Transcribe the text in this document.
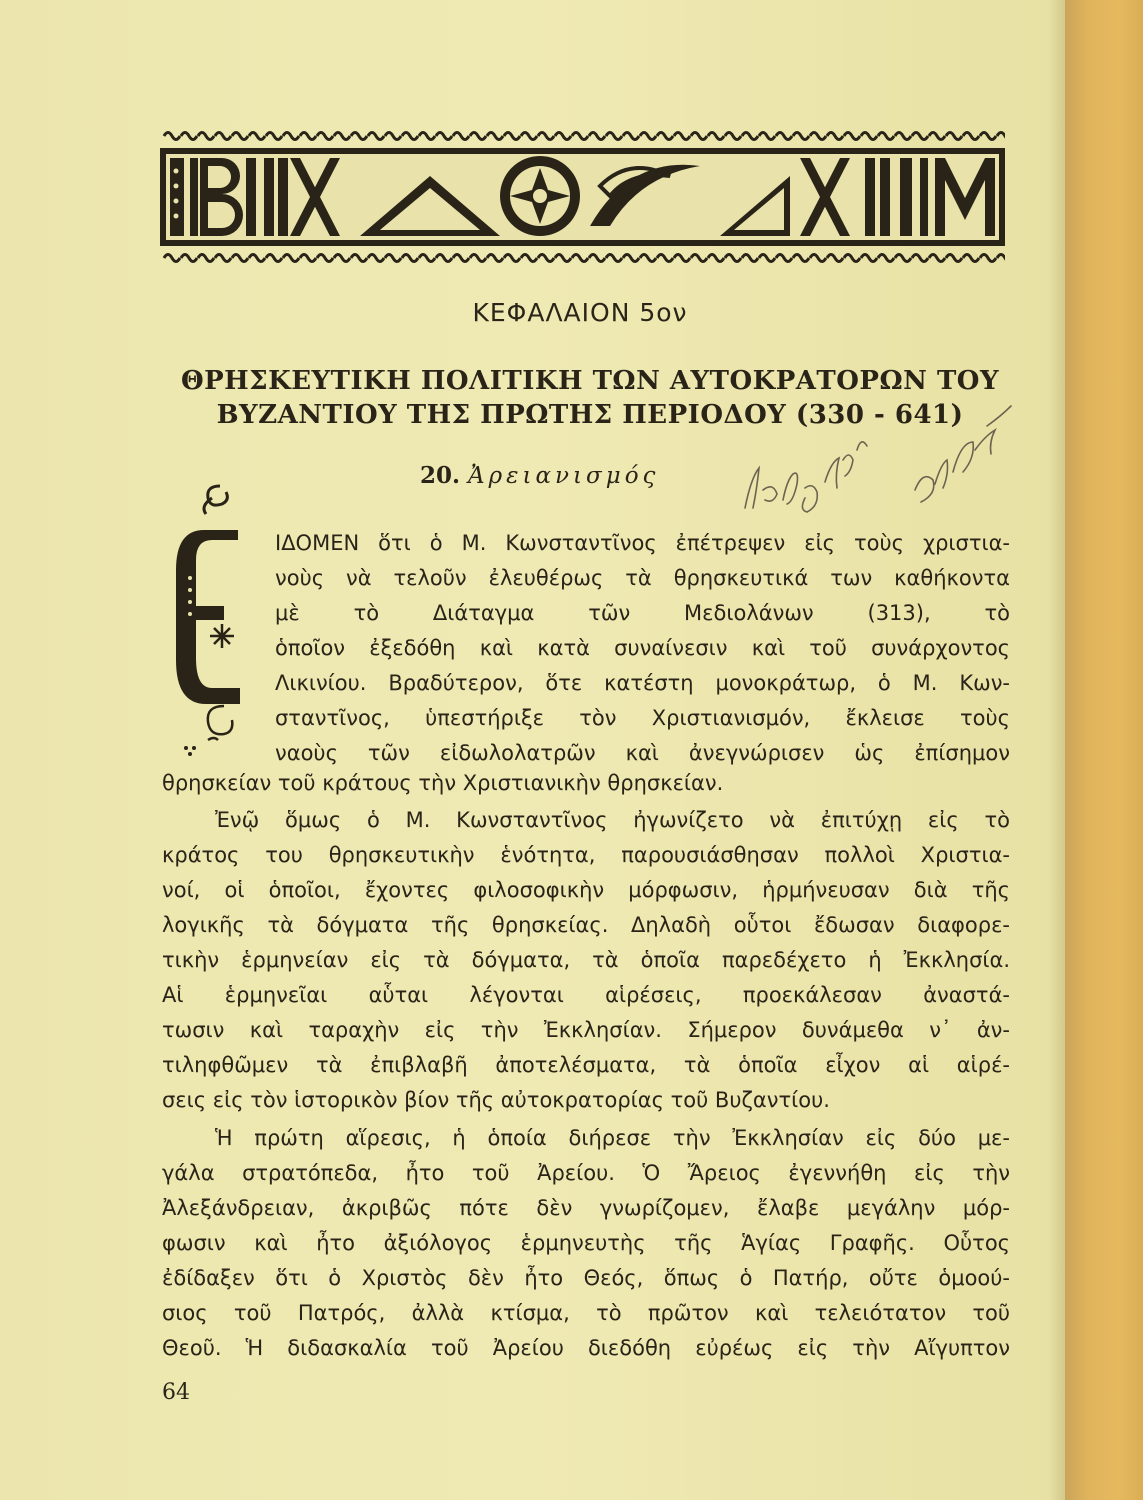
ΚΕΦΑΛΑΙΟΝ 5ον
ΘΡΗΣΚΕΥΤΙΚΗ ΠΟΛΙΤΙΚΗ ΤΩΝ ΑΥΤΟΚΡΑΤΟΡΩΝ ΤΟΥ
ΒΥΖΑΝΤΙΟΥ ΤΗΣ ΠΡΩΤΗΣ ΠΕΡΙΟΔΟΥ (330 - 641)
20. Ἀρειανισμός
ΙΔΟΜΕΝ ὅτι ὁ Μ. Κωνσταντῖνος ἐπέτρεψεν εἰς τοὺς χριστια-
νοὺς νὰ τελοῦν ἐλευθέρως τὰ θρησκευτικά των καθήκοντα
μὲ τὸ Διάταγμα τῶν Μεδιολάνων (313), τὸ
ὁποῖον ἐξεδόθη καὶ κατὰ συναίνεσιν καὶ τοῦ συνάρχοντος
Λικινίου. Βραδύτερον, ὅτε κατέστη μονοκράτωρ, ὁ Μ. Κων-
σταντῖνος, ὑπεστήριξε τὸν Χριστιανισμόν, ἔκλεισε τοὺς
ναοὺς τῶν εἰδωλολατρῶν καὶ ἀνεγνώρισεν ὡς ἐπίσημον
θρησκείαν τοῦ κράτους τὴν Χριστιανικὴν θρησκείαν.
Ἐνῷ ὅμως ὁ Μ. Κωνσταντῖνος ἠγωνίζετο νὰ ἐπιτύχῃ εἰς τὸ
κράτος του θρησκευτικὴν ἑνότητα, παρουσιάσθησαν πολλοὶ Χριστια-
νοί, οἱ ὁποῖοι, ἔχοντες φιλοσοφικὴν μόρφωσιν, ἡρμήνευσαν διὰ τῆς
λογικῆς τὰ δόγματα τῆς θρησκείας. Δηλαδὴ οὗτοι ἔδωσαν διαφορε-
τικὴν ἑρμηνείαν εἰς τὰ δόγματα, τὰ ὁποῖα παρεδέχετο ἡ Ἐκκλησία.
Αἱ ἑρμηνεῖαι αὗται λέγονται αἱρέσεις, προεκάλεσαν ἀναστά-
τωσιν καὶ ταραχὴν εἰς τὴν Ἐκκλησίαν. Σήμερον δυνάμεθα ν᾽ ἀν-
τιληφθῶμεν τὰ ἐπιβλαβῆ ἀποτελέσματα, τὰ ὁποῖα εἶχον αἱ αἱρέ-
σεις εἰς τὸν ἱστορικὸν βίον τῆς αὐτοκρατορίας τοῦ Βυζαντίου.
Ἡ πρώτη αἵρεσις, ἡ ὁποία διήρεσε τὴν Ἐκκλησίαν εἰς δύο με-
γάλα στρατόπεδα, ἦτο τοῦ Ἀρείου. Ὁ Ἄρειος ἐγεννήθη εἰς τὴν
Ἀλεξάνδρειαν, ἀκριβῶς πότε δὲν γνωρίζομεν, ἔλαβε μεγάλην μόρ-
φωσιν καὶ ἦτο ἀξιόλογος ἑρμηνευτὴς τῆς Ἁγίας Γραφῆς. Οὗτος
ἐδίδαξεν ὅτι ὁ Χριστὸς δὲν ἦτο Θεός, ὅπως ὁ Πατήρ, οὔτε ὁμοού-
σιος τοῦ Πατρός, ἀλλὰ κτίσμα, τὸ πρῶτον καὶ τελειότατον τοῦ
Θεοῦ. Ἡ διδασκαλία τοῦ Ἀρείου διεδόθη εὐρέως εἰς τὴν Αἴγυπτον
64
